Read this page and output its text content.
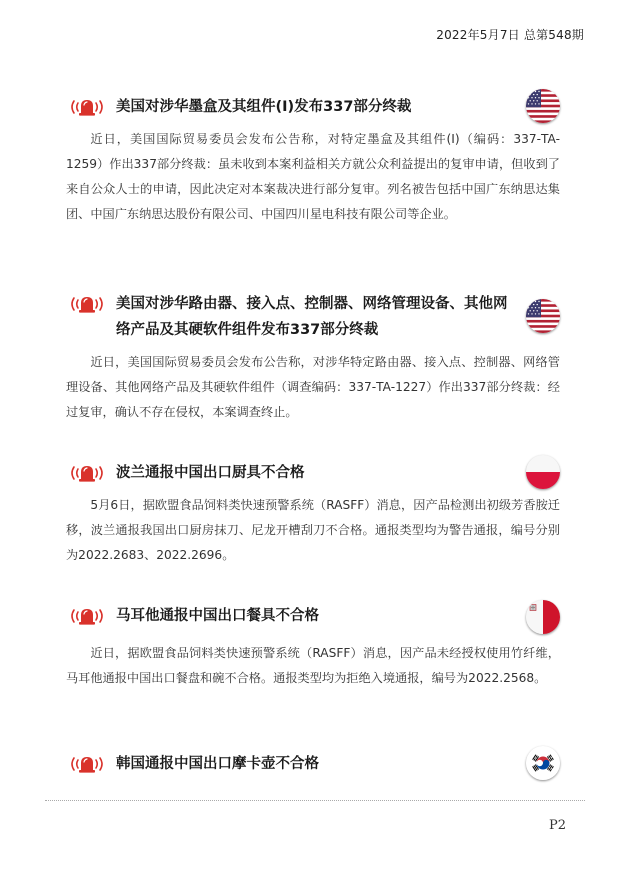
2022年5月7日 总第548期
美国对涉华墨盒及其组件(I)发布337部分终裁

近日，美国国际贸易委员会发布公告称，对特定墨盒及其组件(I)（编码：337-TA-1259）作出337部分终裁：虽未收到本案利益相关方就公众利益提出的复审申请，但收到了来自公众人士的申请，因此决定对本案裁决进行部分复审。列名被告包括中国广东纳思达集团、中国广东纳思达股份有限公司、中国四川星电科技有限公司等企业。

美国对涉华路由器、接入点、控制器、网络管理设备、其他网络产品及其硬软件组件发布337部分终裁

近日，美国国际贸易委员会发布公告称，对涉华特定路由器、接入点、控制器、网络管理设备、其他网络产品及其硬软件组件（调查编码：337-TA-1227）作出337部分终裁：经过复审，确认不存在侵权，本案调查终止。

波兰通报中国出口厨具不合格

5月6日，据欧盟食品饲料类快速预警系统（RASFF）消息，因产品检测出初级芳香胺迁移，波兰通报我国出口厨房抹刀、尼龙开槽刮刀不合格。通报类型均为警告通报，编号分别为2022.2683、2022.2696。

马耳他通报中国出口餐具不合格

近日，据欧盟食品饲料类快速预警系统（RASFF）消息，因产品未经授权使用竹纤维，马耳他通报中国出口餐盘和碗不合格。通报类型均为拒绝入境通报，编号为2022.2568。

韩国通报中国出口摩卡壶不合格
P2
